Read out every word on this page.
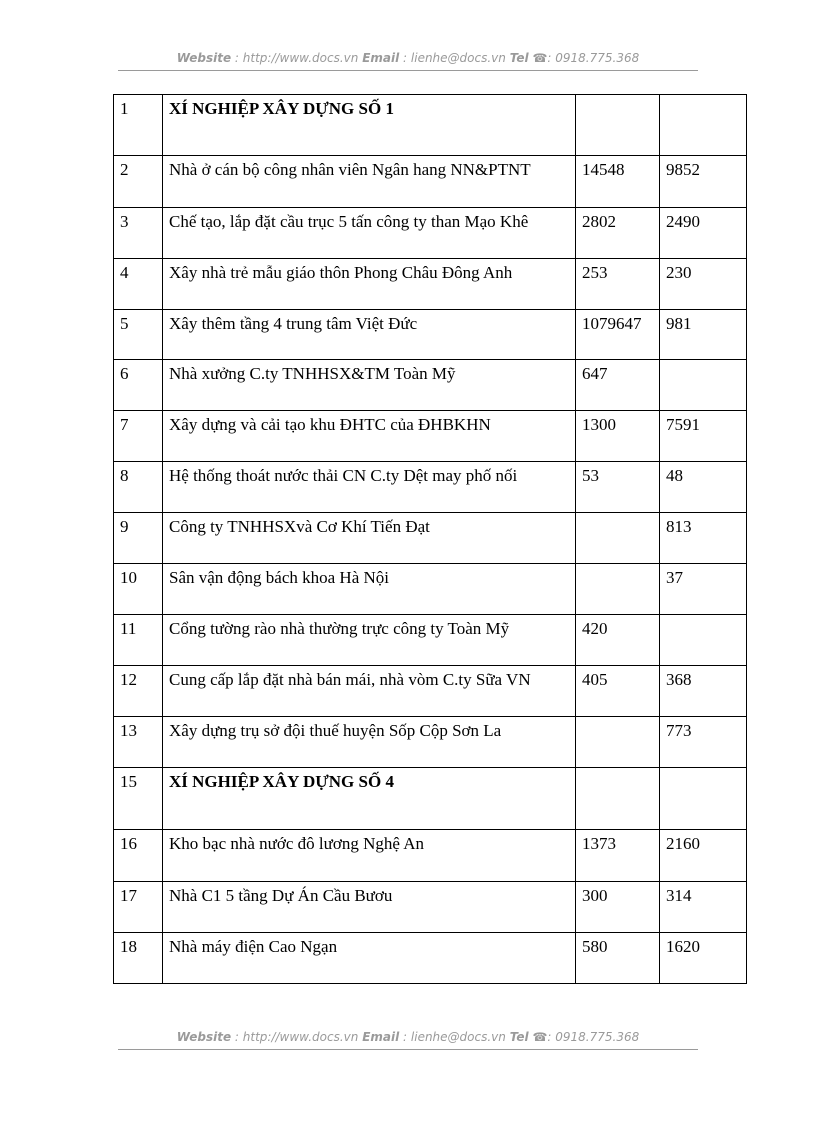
Website : http://www.docs.vn Email : lienhe@docs.vn Tel ☎: 0918.775.368
1	XÍ NGHIỆP XÂY DỰNG SỐ 1		
2	Nhà ở cán bộ công nhân viên Ngân hang NN&PTNT	14548	9852
3	Chế tạo, lắp đặt cầu trục 5 tấn công ty than Mạo Khê	2802	2490
4	Xây nhà trẻ mẫu giáo thôn Phong Châu Đông Anh	253	230
5	Xây thêm tầng 4 trung tâm Việt Đức	1079647	981
6	Nhà xưởng C.ty TNHHSX&TM Toàn Mỹ	647	
7	Xây dựng và cải tạo khu ĐHTC của ĐHBKHN	1300	7591
8	Hệ thống thoát nước thải CN C.ty Dệt may phố nối	53	48
9	Công ty TNHHSXvà Cơ Khí Tiến Đạt		813
10	Sân vận động bách khoa Hà Nội		37
11	Cổng tường rào nhà thường trực công ty Toàn Mỹ	420	
12	Cung cấp lắp đặt nhà bán mái, nhà vòm C.ty Sữa VN	405	368
13	Xây dựng trụ sở đội thuế huyện Sốp Cộp Sơn La		773
15	XÍ NGHIỆP XÂY DỰNG SỐ 4		
16	Kho bạc nhà nước đô lương Nghệ An	1373	2160
17	Nhà C1 5 tầng Dự Án Cầu Bươu	300	314
18	Nhà máy điện Cao Ngạn	580	1620
Website : http://www.docs.vn Email : lienhe@docs.vn Tel ☎: 0918.775.368
